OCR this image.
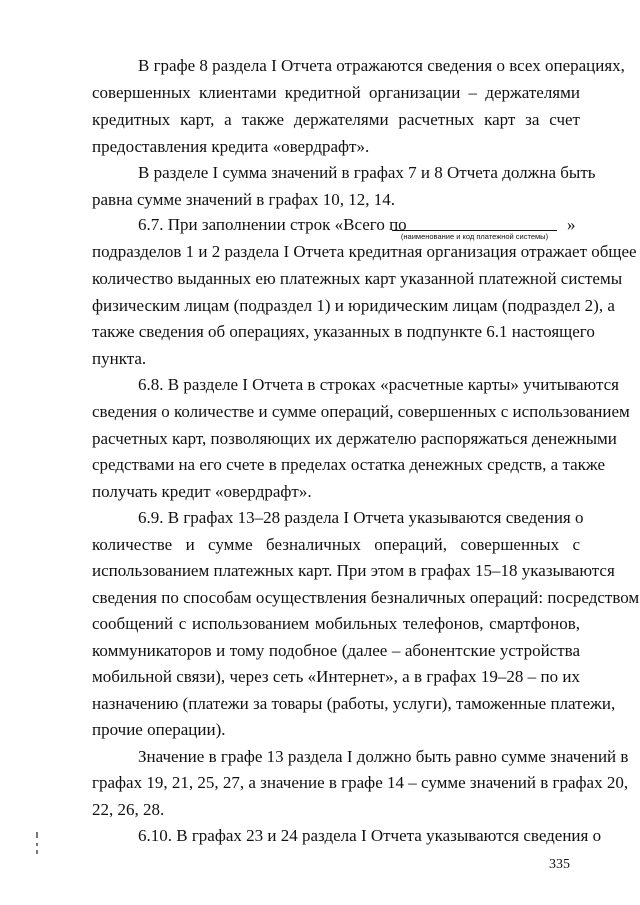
В графе 8 раздела I Отчета отражаются сведения о всех операциях,
совершенных клиентами кредитной организации – держателями
кредитных карт, а также держателями расчетных карт за счет
предоставления кредита «овердрафт».
В разделе I сумма значений в графах 7 и 8 Отчета должна быть
равна сумме значений в графах 10, 12, 14.
6.7. При заполнении строк «Всего по
(наименование и код платежной системы)
»
подразделов 1 и 2 раздела I Отчета кредитная организация отражает общее
количество выданных ею платежных карт указанной платежной системы
физическим лицам (подраздел 1) и юридическим лицам (подраздел 2), а
также сведения об операциях, указанных в подпункте 6.1 настоящего
пункта.
6.8. В разделе I Отчета в строках «расчетные карты» учитываются
сведения о количестве и сумме операций, совершенных с использованием
расчетных карт, позволяющих их держателю распоряжаться денежными
средствами на его счете в пределах остатка денежных средств, а также
получать кредит «овердрафт».
6.9. В графах 13–28 раздела I Отчета указываются сведения о
количестве и сумме безналичных операций, совершенных с
использованием платежных карт. При этом в графах 15–18 указываются
сведения по способам осуществления безналичных операций: посредством
сообщений с использованием мобильных телефонов, смартфонов,
коммуникаторов и тому подобное (далее – абонентские устройства
мобильной связи), через сеть «Интернет», а в графах 19–28 – по их
назначению (платежи за товары (работы, услуги), таможенные платежи,
прочие операции).
Значение в графе 13 раздела I должно быть равно сумме значений в
графах 19, 21, 25, 27, а значение в графе 14 – сумме значений в графах 20,
22, 26, 28.
6.10. В графах 23 и 24 раздела I Отчета указываются сведения о
335
